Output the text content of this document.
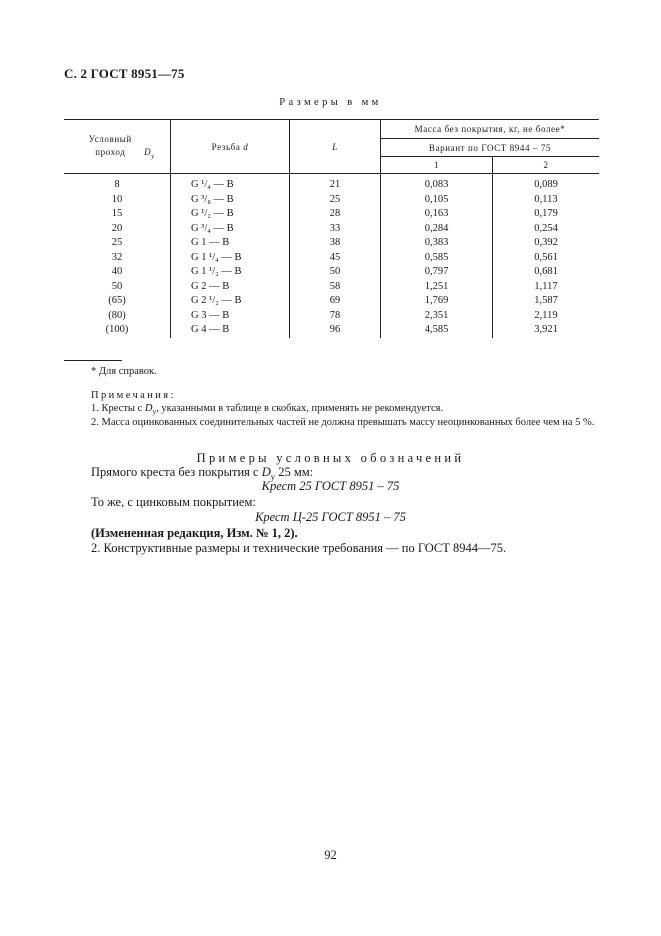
С. 2 ГОСТ 8951—75
Размеры в мм
Условный проход $D_y$	Резьба d	L	Масса без покрытия, кг, не более*	
			Вариант по ГОСТ 8944 – 75	
			1	2
8	G ¹/₄ — B	21	0,083	0,089
10	G ³/₈ — B	25	0,105	0,113
15	G ¹/₂ — B	28	0,163	0,179
20	G ³/₄ — B	33	0,284	0,254
25	G 1 — B	38	0,383	0,392
32	G 1 ¹/₄ — B	45	0,585	0,561
40	G 1 ¹/₂ — B	50	0,797	0,681
50	G 2 — B	58	1,251	1,117
(65)	G 2 ¹/₂ — B	69	1,769	1,587
(80)	G 3 — B	78	2,351	2,119
(100)	G 4 — B	96	4,585	3,921
* Для справок.
Примечания:
1. Кресты с $D_y$, указанными в таблице в скобках, применять не рекомендуется.
2. Масса оцинкованных соединительных частей не должна превышать массу неоцинкованных более чем на 5 %.
Примеры условных обозначений
Прямого креста без покрытия с $D_y$ 25 мм:
Крест 25 ГОСТ 8951 – 75
То же, с цинковым покрытием:
Крест Ц-25 ГОСТ 8951 – 75
(Измененная редакция, Изм. № 1, 2).
2. Конструктивные размеры и технические требования — по ГОСТ 8944—75.
92
